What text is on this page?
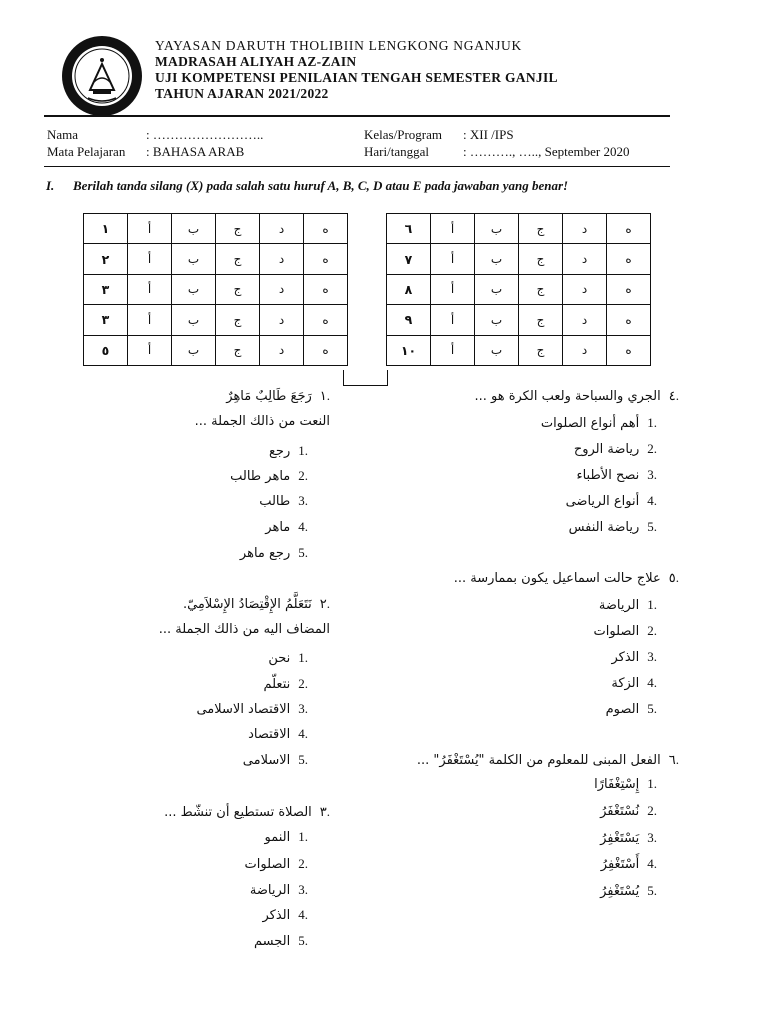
YAYASAN DARUTH THOLIBIIN LENGKONG NGANJUK
MADRASAH ALIYAH AZ-ZAIN
UJI KOMPETENSI PENILAIAN TENGAH SEMESTER GANJIL
TAHUN AJARAN 2021/2022
Nama	: ……………………..
Mata Pelajaran : BAHASA ARAB
Kelas/Program : XII /IPS
Hari/tanggal	: ………., ….., September 2020
I. Berilah tanda silang (X) pada salah satu huruf A, B, C, D atau E pada jawaban yang benar!
١	أ	ب	ج	د	ه
٢	أ	ب	ج	د	ه
٣	أ	ب	ج	د	ه
٣	أ	ب	ج	د	ه
٥	أ	ب	ج	د	ه
٦	أ	ب	ج	د	ه
٧	أ	ب	ج	د	ه
٨	أ	ب	ج	د	ه
٩	أ	ب	ج	د	ه
١٠	أ	ب	ج	د	ه
٤.الجري والسباحة ولعب الكرة هو ...
1.أهم أنواع الصلوات
2.رياضة الروح
3.نصح الأطباء
4.أنواع الرياضى
5.رياضة النفس
٥.علاج حالت اسماعيل يكون بممارسة ...
1.الرياضة
2.الصلوات
3.الذكر
4.الزكة
5.الصوم
٦.الفعل المبنى للمعلوم من الكلمة "يُسْتَغْفَرُ" ...
1.إِسْتِغْفَارًا
2.نُسْتَغْفَرُ
3.يَسْتَغْفِرُ
4.أَسْتَغْفِرُ
5.يُسْتَغْفِرُ
١.رَجَعَ طَالِبٌ مَاهِرٌ
النعت من ذالك الجملة ...
1.رجع
2.ماهر طالب
3.طالب
4.ماهر
5.رجع ماهر
٢.نَتَعَلَّمُ الإِقْتِصَادُ الإِسْلاَمِيّ.
المضاف اليه من ذالك الجملة ...
1.نحن
2.نتعلّم
3.الاقتصاد الاسلامى
4.الاقتصاد
5.الاسلامى
٣.الصلاة تستطيع أن تنشّط ...
1.النمو
2.الصلوات
3.الرياضة
4.الذكر
5.الجسم
